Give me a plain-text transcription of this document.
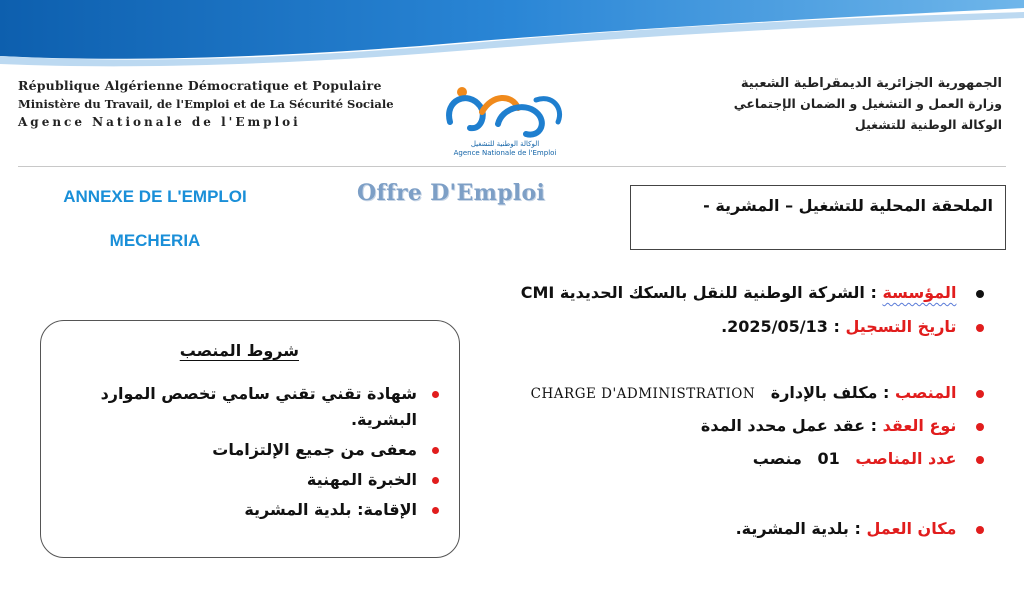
République Algérienne Démocratique et Populaire
Ministère du Travail, de l'Emploi et de La Sécurité Sociale
Agence Nationale de l'Emploi
الوكالة الوطنية للتشغيل
Agence Nationale de l'Emploi
الجمهورية الجزائرية الديمقراطية الشعبية
وزارة العمل و التشغيل و الضمان الإجتماعي
الوكالة الوطنية للتشغيل
ANNEXE DE L'EMPLOI
MECHERIA
Offre D'Emploi	الملحقة المحلية للتشغيل – المشرية -
المؤسسة : الشركة الوطنية للنقل بالسكك الحديدية CMI
تاريخ التسجيل : 2025/05/13.
المنصب : مكلف بالإدارة CHARGE D'ADMINISTRATION
نوع العقد : عقد عمل محدد المدة
عدد المناصب 01 منصب
مكان العمل : بلدية المشرية.
شروط المنصب
شهادة تقني تقني سامي تخصص الموارد البشرية.
معفى من جميع الإلتزامات
الخبرة المهنية
الإقامة: بلدية المشرية
